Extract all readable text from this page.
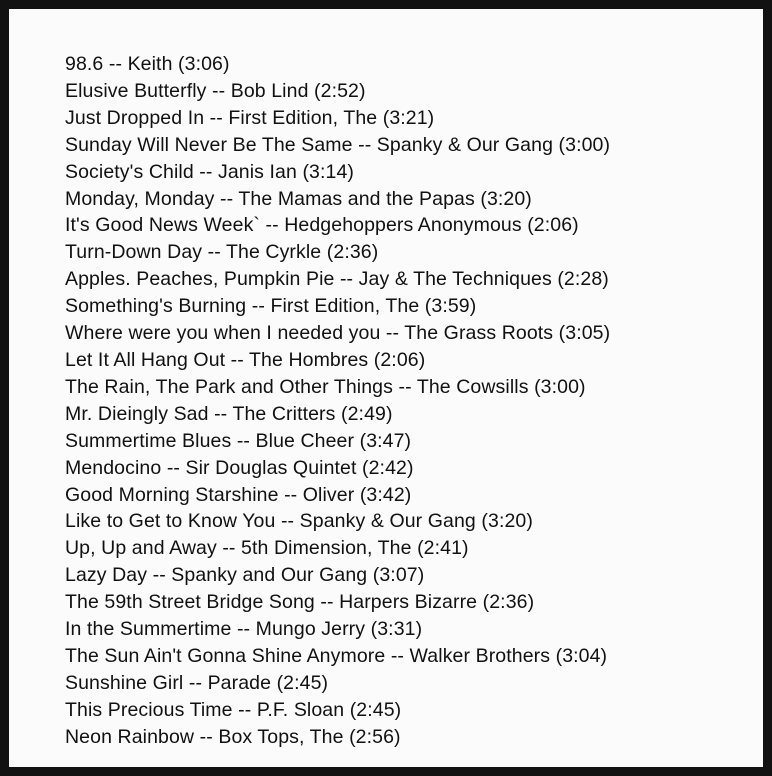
98.6 -- Keith (3:06)
Elusive Butterfly -- Bob Lind (2:52)
Just Dropped In -- First Edition, The (3:21)
Sunday Will Never Be The Same -- Spanky & Our Gang (3:00)
Society's Child -- Janis Ian (3:14)
Monday, Monday -- The Mamas and the Papas (3:20)
It's Good News Week` -- Hedgehoppers Anonymous (2:06)
Turn-Down Day -- The Cyrkle (2:36)
Apples. Peaches, Pumpkin Pie -- Jay & The Techniques (2:28)
Something's Burning -- First Edition, The (3:59)
Where were you when I needed you -- The Grass Roots (3:05)
Let It All Hang Out -- The Hombres (2:06)
The Rain, The Park and Other Things -- The Cowsills (3:00)
Mr. Dieingly Sad -- The Critters (2:49)
Summertime Blues -- Blue Cheer (3:47)
Mendocino -- Sir Douglas Quintet (2:42)
Good Morning Starshine -- Oliver (3:42)
Like to Get to Know You -- Spanky & Our Gang (3:20)
Up, Up and Away -- 5th Dimension, The (2:41)
Lazy Day -- Spanky and Our Gang (3:07)
The 59th Street Bridge Song -- Harpers Bizarre (2:36)
In the Summertime -- Mungo Jerry (3:31)
The Sun Ain't Gonna Shine Anymore -- Walker Brothers (3:04)
Sunshine Girl -- Parade (2:45)
This Precious Time -- P.F. Sloan (2:45)
Neon Rainbow -- Box Tops, The (2:56)
